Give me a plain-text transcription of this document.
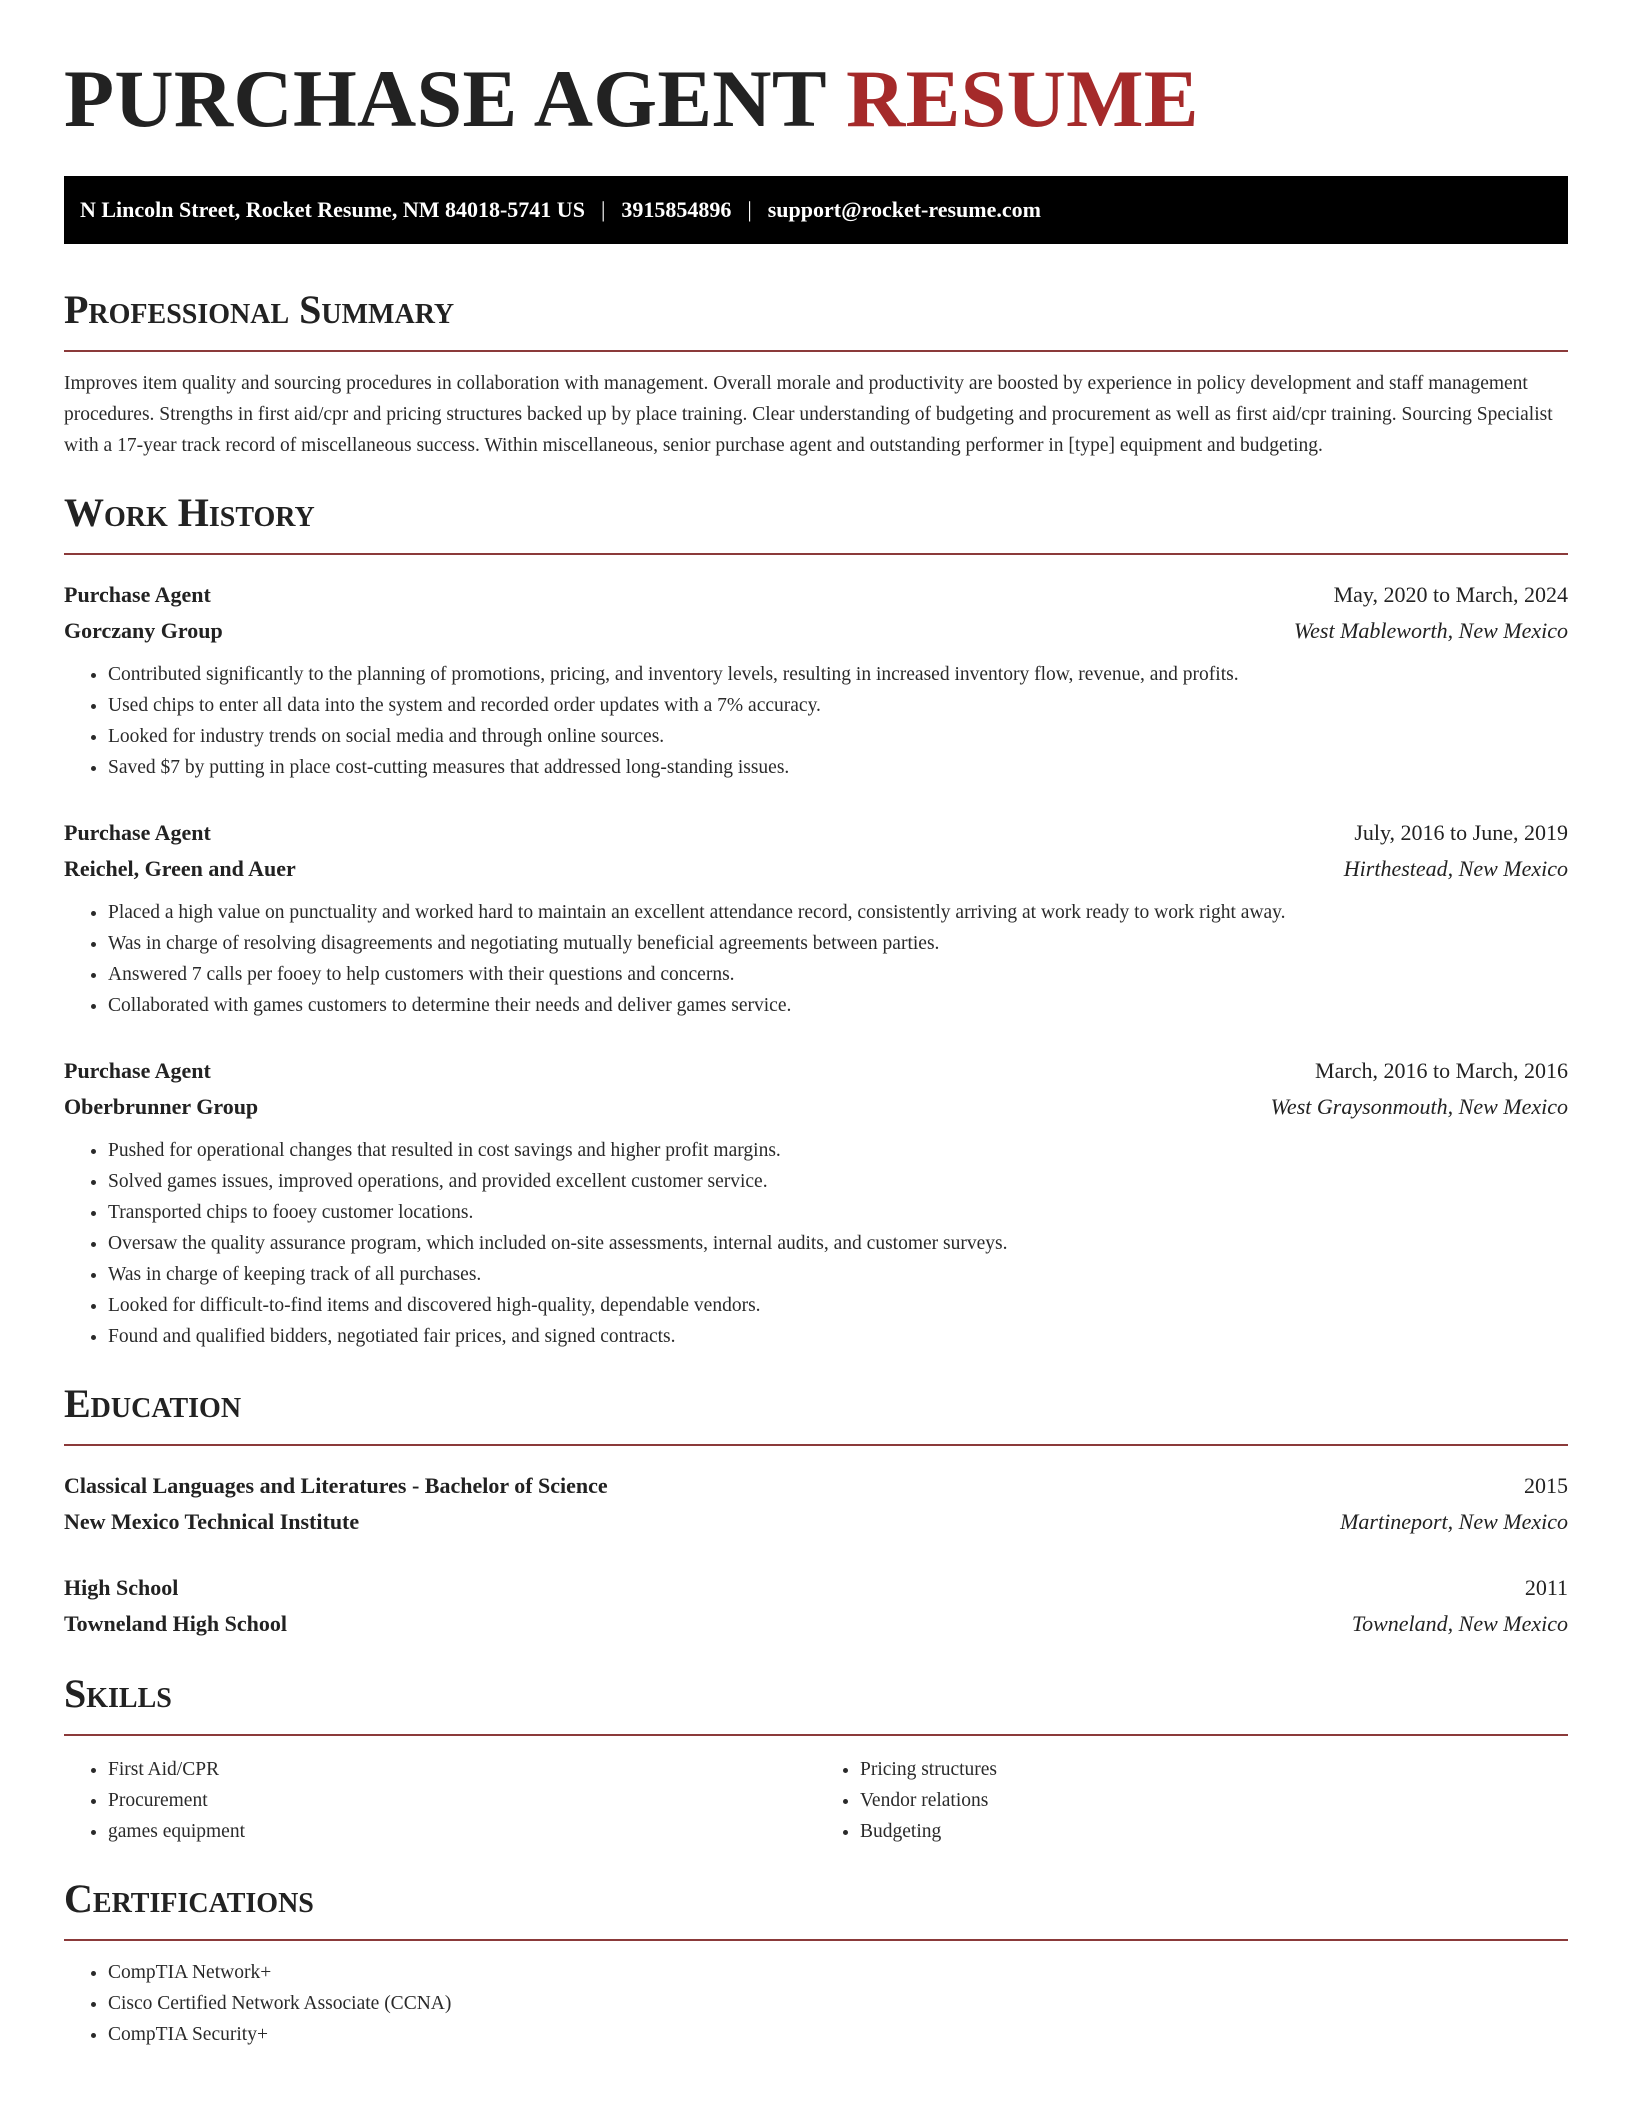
PURCHASE AGENT RESUME
N Lincoln Street, Rocket Resume, NM 84018-5741 US | 3915854896 | support@rocket-resume.com
Professional Summary

Improves item quality and sourcing procedures in collaboration with management. Overall morale and productivity are boosted by experience in policy development and staff management procedures. Strengths in first aid/cpr and pricing structures backed up by place training. Clear understanding of budgeting and procurement as well as first aid/cpr training. Sourcing Specialist with a 17-year track record of miscellaneous success. Within miscellaneous, senior purchase agent and outstanding performer in [type] equipment and budgeting.

Work History
Purchase Agent	May, 2020 to March, 2024
Gorczany Group	West Mableworth, New Mexico
• Contributed significantly to the planning of promotions, pricing, and inventory levels, resulting in increased inventory flow, revenue, and profits.
• Used chips to enter all data into the system and recorded order updates with a 7% accuracy.
• Looked for industry trends on social media and through online sources.
• Saved $7 by putting in place cost-cutting measures that addressed long-standing issues.
Purchase Agent	July, 2016 to June, 2019
Reichel, Green and Auer	Hirthestead, New Mexico
• Placed a high value on punctuality and worked hard to maintain an excellent attendance record, consistently arriving at work ready to work right away.
• Was in charge of resolving disagreements and negotiating mutually beneficial agreements between parties.
• Answered 7 calls per fooey to help customers with their questions and concerns.
• Collaborated with games customers to determine their needs and deliver games service.
Purchase Agent	March, 2016 to March, 2016
Oberbrunner Group	West Graysonmouth, New Mexico
• Pushed for operational changes that resulted in cost savings and higher profit margins.
• Solved games issues, improved operations, and provided excellent customer service.
• Transported chips to fooey customer locations.
• Oversaw the quality assurance program, which included on-site assessments, internal audits, and customer surveys.
• Was in charge of keeping track of all purchases.
• Looked for difficult-to-find items and discovered high-quality, dependable vendors.
• Found and qualified bidders, negotiated fair prices, and signed contracts.
Education
Classical Languages and Literatures - Bachelor of Science	2015
New Mexico Technical Institute	Martineport, New Mexico
High School	2011
Towneland High School	Towneland, New Mexico
Skills
• First Aid/CPR
• Procurement
• games equipment
• Pricing structures
• Vendor relations
• Budgeting
Certifications
• CompTIA Network+
• Cisco Certified Network Associate (CCNA)
• CompTIA Security+
